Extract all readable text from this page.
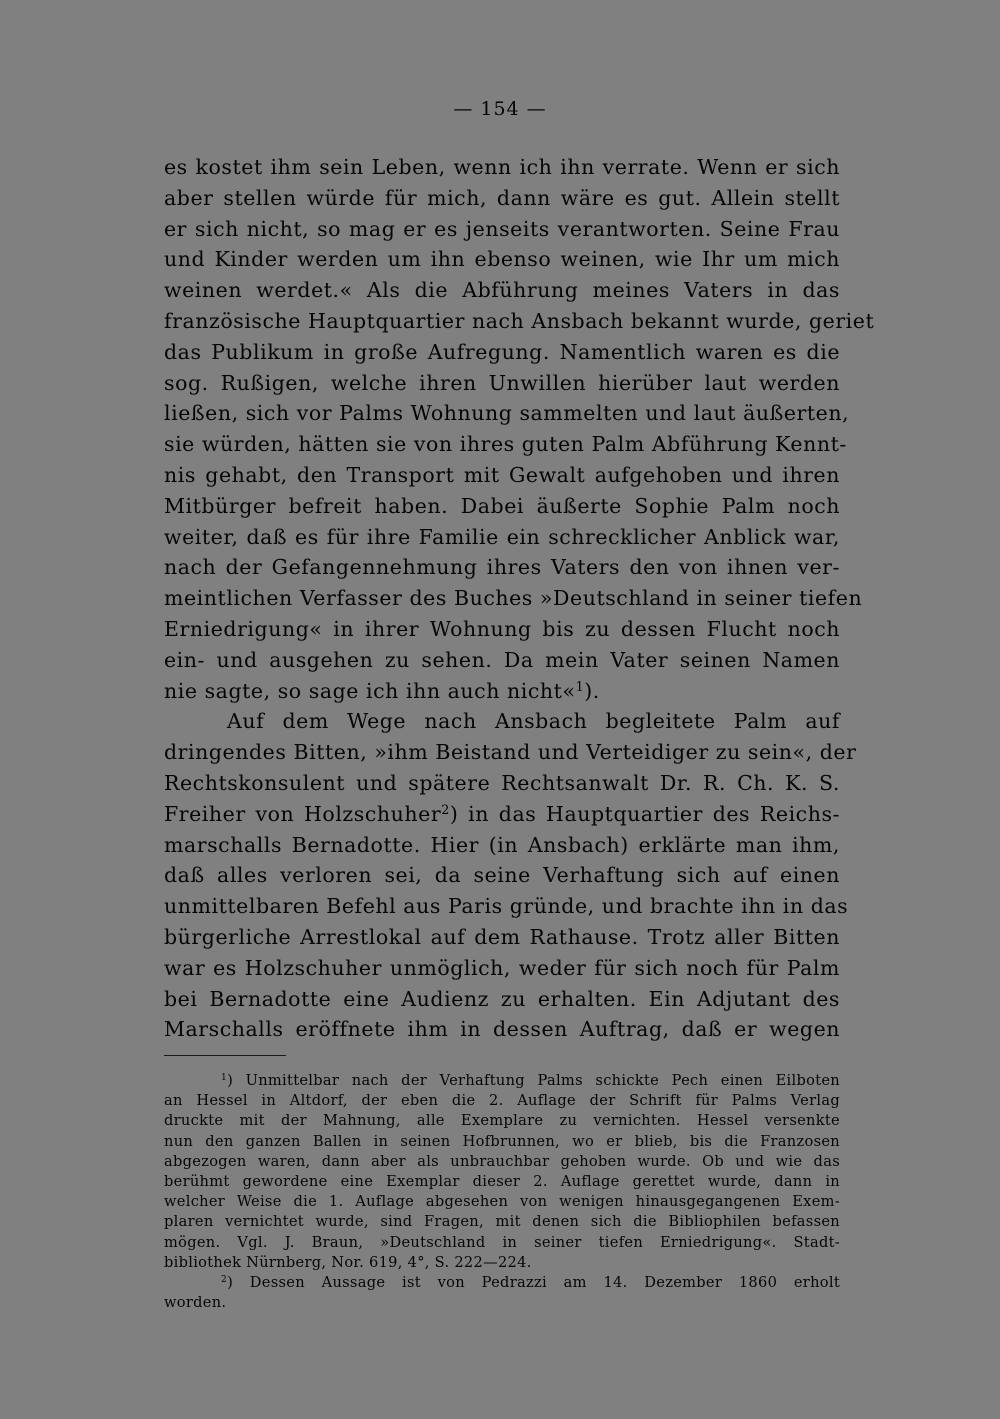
— 154 —
es kostet ihm sein Leben, wenn ich ihn verrate. Wenn er sich
aber stellen würde für mich, dann wäre es gut. Allein stellt
er sich nicht, so mag er es jenseits verantworten. Seine Frau
und Kinder werden um ihn ebenso weinen, wie Ihr um mich
weinen werdet.« Als die Abführung meines Vaters in das
französische Hauptquartier nach Ansbach bekannt wurde, geriet
das Publikum in große Aufregung. Namentlich waren es die
sog. Rußigen, welche ihren Unwillen hierüber laut werden
ließen, sich vor Palms Wohnung sammelten und laut äußerten,
sie würden, hätten sie von ihres guten Palm Abführung Kennt-
nis gehabt, den Transport mit Gewalt aufgehoben und ihren
Mitbürger befreit haben. Dabei äußerte Sophie Palm noch
weiter, daß es für ihre Familie ein schrecklicher Anblick war,
nach der Gefangennehmung ihres Vaters den von ihnen ver-
meintlichen Verfasser des Buches »Deutschland in seiner tiefen
Erniedrigung« in ihrer Wohnung bis zu dessen Flucht noch
ein- und ausgehen zu sehen. Da mein Vater seinen Namen
nie sagte, so sage ich ihn auch nicht«$^1$).
Auf dem Wege nach Ansbach begleitete Palm auf
dringendes Bitten, »ihm Beistand und Verteidiger zu sein«, der
Rechtskonsulent und spätere Rechtsanwalt Dr. R. Ch. K. S.
Freiher von Holzschuher$^2$) in das Hauptquartier des Reichs-
marschalls Bernadotte. Hier (in Ansbach) erklärte man ihm,
daß alles verloren sei, da seine Verhaftung sich auf einen
unmittelbaren Befehl aus Paris gründe, und brachte ihn in das
bürgerliche Arrestlokal auf dem Rathause. Trotz aller Bitten
war es Holzschuher unmöglich, weder für sich noch für Palm
bei Bernadotte eine Audienz zu erhalten. Ein Adjutant des
Marschalls eröffnete ihm in dessen Auftrag, daß er wegen
$^1$) Unmittelbar nach der Verhaftung Palms schickte Pech einen Eilboten
an Hessel in Altdorf, der eben die 2. Auflage der Schrift für Palms Verlag
druckte mit der Mahnung, alle Exemplare zu vernichten. Hessel versenkte
nun den ganzen Ballen in seinen Hofbrunnen, wo er blieb, bis die Franzosen
abgezogen waren, dann aber als unbrauchbar gehoben wurde. Ob und wie das
berühmt gewordene eine Exemplar dieser 2. Auflage gerettet wurde, dann in
welcher Weise die 1. Auflage abgesehen von wenigen hinausgegangenen Exem-
plaren vernichtet wurde, sind Fragen, mit denen sich die Bibliophilen befassen
mögen. Vgl. J. Braun, »Deutschland in seiner tiefen Erniedrigung«. Stadt-
bibliothek Nürnberg, Nor. 619, 4°, S. 222—224.
$^2$) Dessen Aussage ist von Pedrazzi am 14. Dezember 1860 erholt
worden.
